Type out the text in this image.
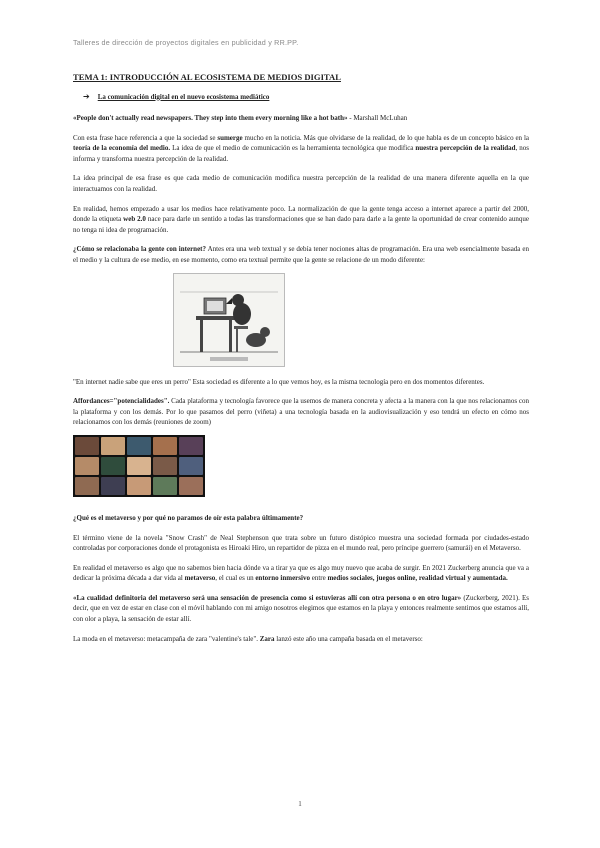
Talleres de dirección de proyectos digitales en publicidad y RR.PP.
TEMA 1: INTRODUCCIÓN AL ECOSISTEMA DE MEDIOS DIGITAL
➔ La comunicación digital en el nuevo ecosistema mediático

«People don't actually read newspapers. They step into them every morning like a hot bath» - Marshall McLuhan

Con esta frase hace referencia a que la sociedad se sumerge mucho en la noticia. Más que olvidarse de la realidad, de lo que habla es de un concepto básico en la teoría de la economía del medio. La idea de que el medio de comunicación es la herramienta tecnológica que modifica nuestra percepción de la realidad, nos informa y transforma nuestra percepción de la realidad.

La idea principal de esa frase es que cada medio de comunicación modifica nuestra percepción de la realidad de una manera diferente aquella en la que interactuamos con la realidad.

En realidad, hemos empezado a usar los medios hace relativamente poco. La normalización de que la gente tenga acceso a internet aparece a partir del 2000, donde la etiqueta web 2.0 nace para darle un sentido a todas las transformaciones que se han dado para darle a la gente la oportunidad de crear contenido aunque no tenga ni idea de programación.

¿Cómo se relacionaba la gente con internet? Antes era una web textual y se debía tener nociones altas de programación. Era una web esencialmente basada en el medio y la cultura de ese medio, en ese momento, como era textual permite que la gente se relacione de un modo diferente:

"En internet nadie sabe que eres un perro" Esta sociedad es diferente a lo que vemos hoy, es la misma tecnología pero en dos momentos diferentes.

Affordances="potencialidades". Cada plataforma y tecnología favorece que la usemos de manera concreta y afecta a la manera con la que nos relacionamos con la plataforma y con los demás. Por lo que pasamos del perro (viñeta) a una tecnología basada en la audiovisualización y eso tendrá un efecto en cómo nos relacionamos con los demás (reuniones de zoom)

¿Qué es el metaverso y por qué no paramos de oír esta palabra últimamente?

El término viene de la novela "Snow Crash" de Neal Stephenson que trata sobre un futuro distópico muestra una sociedad formada por ciudades-estado controladas por corporaciones donde el protagonista es Hiroaki Hiro, un repartidor de pizza en el mundo real, pero príncipe guerrero (samurái) en el Metaverso.

En realidad el metaverso es algo que no sabemos bien hacia dónde va a tirar ya que es algo muy nuevo que acaba de surgir. En 2021 Zuckerberg anuncia que va a dedicar la próxima década a dar vida al metaverso, el cual es un entorno inmersivo entre medios sociales, juegos online, realidad virtual y aumentada.

«La cualidad definitoria del metaverso será una sensación de presencia como si estuvieras allí con otra persona o en otro lugar» (Zuckerberg, 2021). Es decir, que en vez de estar en clase con el móvil hablando con mi amigo nosotros elegimos que estamos en la playa y entonces realmente sentimos que estamos allí, con olor a playa, la sensación de estar allí.

La moda en el metaverso: metacampaña de zara "valentine's tale". Zara lanzó este año una campaña basada en el metaverso:

1
